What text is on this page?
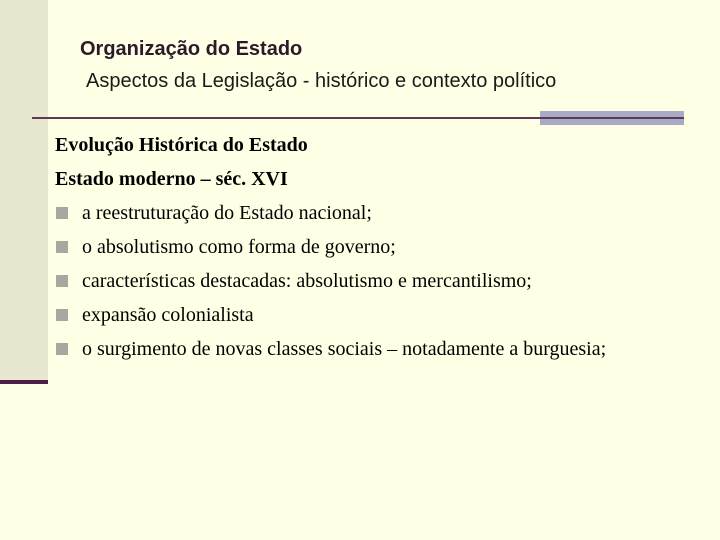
Organização do Estado
Aspectos da Legislação - histórico e contexto político
Evolução Histórica do Estado
Estado moderno – séc. XVI
a reestruturação do Estado nacional;
o absolutismo como forma de governo;
características destacadas: absolutismo e mercantilismo;
expansão colonialista
o surgimento de novas classes sociais – notadamente a burguesia;
